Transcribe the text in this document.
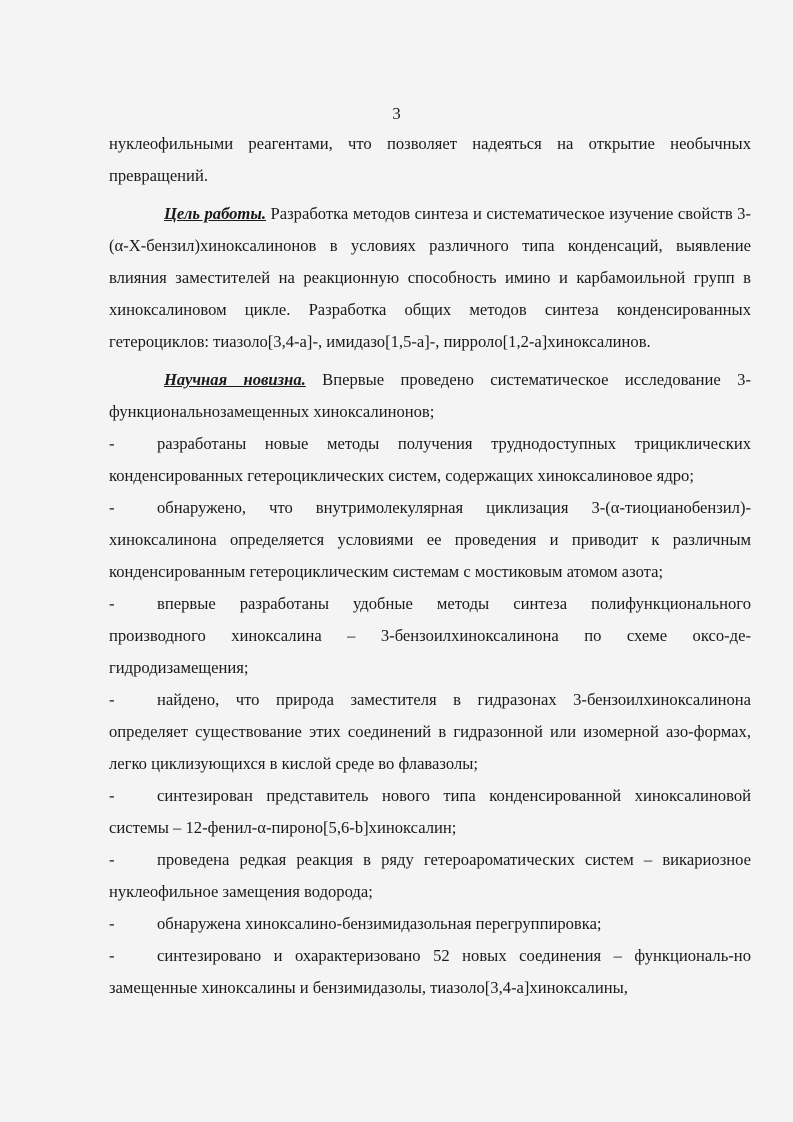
3

нуклеофильными реагентами, что позволяет надеяться на открытие необычных превращений.

Цель работы. Разработка методов синтеза и систематическое изучение свойств 3-(α-Х-бензил)хиноксалинонов в условиях различного типа конденсаций, выявление влияния заместителей на реакционную способность имино и карбамоильной групп в хиноксалиновом цикле. Разработка общих методов синтеза конденсированных гетероциклов: тиазоло[3,4-а]-, имидазо[1,5-а]-, пирроло[1,2-а]хиноксалинов.

Научная новизна. Впервые проведено систематическое исследование 3-функциональнозамещенных хиноксалинонов;

-	разработаны новые методы получения труднодоступных трициклических конденсированных гетероциклических систем, содержащих хиноксалиновое ядро;

-	обнаружено, что внутримолекулярная циклизация 3-(α-тиоцианобензил)-хиноксалинона определяется условиями ее проведения и приводит к различным конденсированным гетероциклическим системам с мостиковым атомом азота;

-	впервые разработаны удобные методы синтеза полифункционального производного хиноксалина – 3-бензоилхиноксалинона по схеме оксо-де-гидродизамещения;

-	найдено, что природа заместителя в гидразонах 3-бензоилхиноксалинона определяет существование этих соединений в гидразонной или изомерной азо-формах, легко циклизующихся в кислой среде во флавазолы;

-	синтезирован представитель нового типа конденсированной хиноксалиновой системы – 12-фенил-α-пироно[5,6-b]хиноксалин;

-	проведена редкая реакция в ряду гетероароматических систем – викариозное нуклеофильное замещения водорода;

-	обнаружена хиноксалино-бензимидазольная перегруппировка;

-	синтезировано и охарактеризовано 52 новых соединения – функциональ-но замещенные хиноксалины и бензимидазолы, тиазоло[3,4-а]хиноксалины,
